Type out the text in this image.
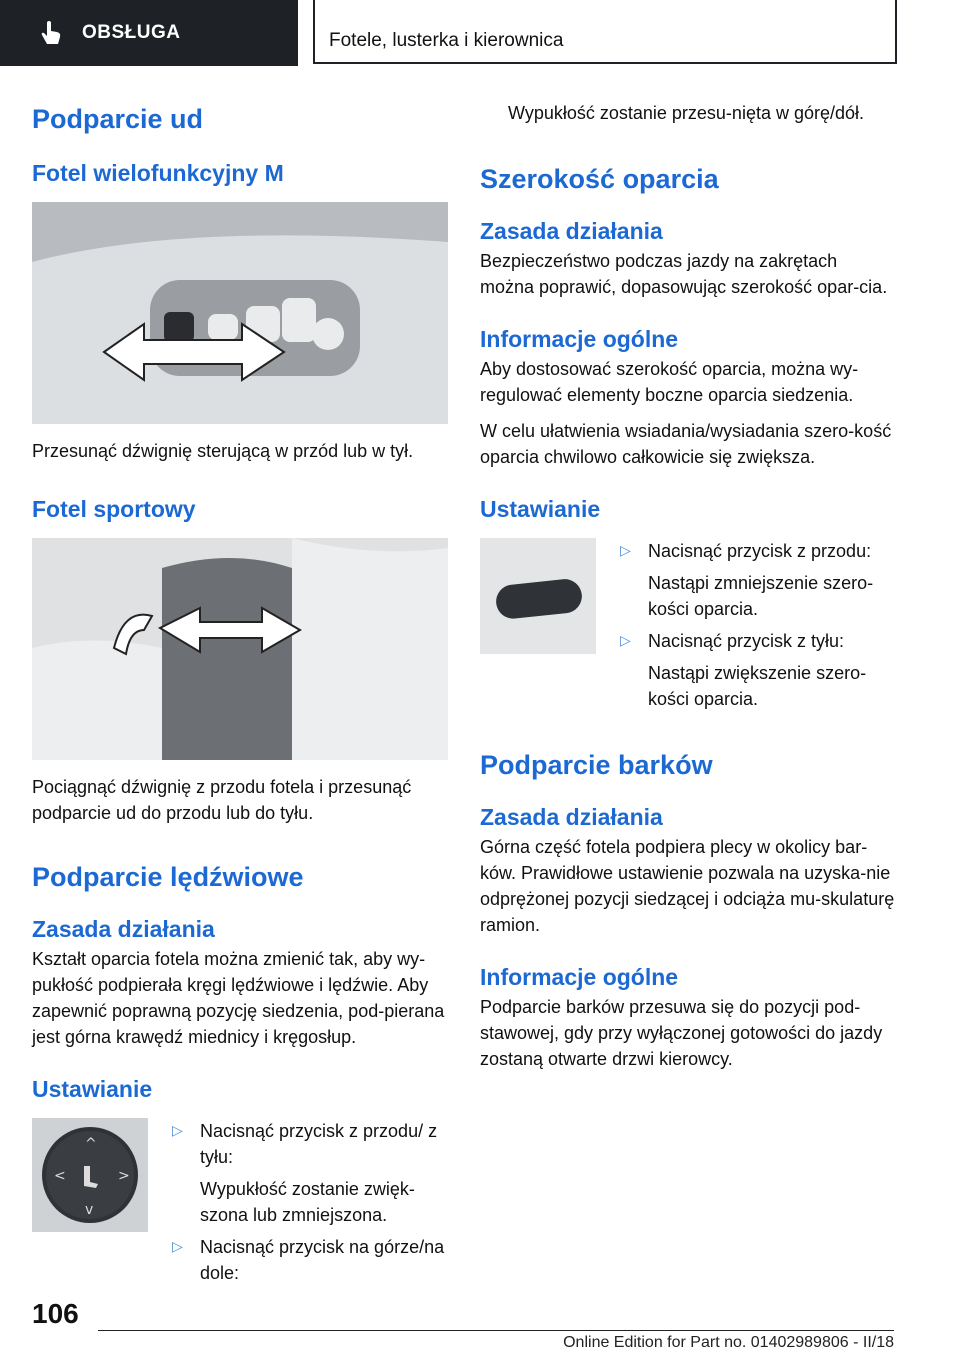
OBSŁUGA	Fotele, lusterka i kierownica
Podparcie ud
Fotel wielofunkcyjny M

Przesunąć dźwignię sterującą w przód lub w tył.

Fotel sportowy

Pociągnąć dźwignię z przodu fotela i przesunąć podparcie ud do przodu lub do tyłu.

Podparcie lędźwiowe
Zasada działania

Kształt oparcia fotela można zmienić tak, aby wy-pukłość podpierała kręgi lędźwiowe i lędźwie. Aby zapewnić poprawną pozycję siedzenia, pod-pierana jest górna krawędź miednicy i kręgosłup.

Ustawianie
^
<	>
v
▷ Nacisnąć przycisk z przodu/ z tyłu:

Wypukłość zostanie zwięk-szona lub zmniejszona.

▷ Nacisnąć przycisk na górze/na dole:

Wypukłość zostanie przesu-nięta w górę/dół.

Szerokość oparcia
Zasada działania

Bezpieczeństwo podczas jazdy na zakrętach można poprawić, dopasowując szerokość opar-cia.

Informacje ogólne

Aby dostosować szerokość oparcia, można wy-regulować elementy boczne oparcia siedzenia.

W celu ułatwienia wsiadania/wysiadania szero-kość oparcia chwilowo całkowicie się zwiększa.

Ustawianie
▷ Nacisnąć przycisk z przodu:

Nastąpi zmniejszenie szero-kości oparcia.

▷ Nacisnąć przycisk z tyłu:

Nastąpi zwiększenie szero-kości oparcia.

Podparcie barków
Zasada działania

Górna część fotela podpiera plecy w okolicy bar-ków. Prawidłowe ustawienie pozwala na uzyska-nie odprężonej pozycji siedzącej i odciąża mu-skulaturę ramion.

Informacje ogólne

Podparcie barków przesuwa się do pozycji pod-stawowej, gdy przy wyłączonej gotowości do jazdy zostaną otwarte drzwi kierowcy.

106
Online Edition for Part no. 01402989806 - II/18
